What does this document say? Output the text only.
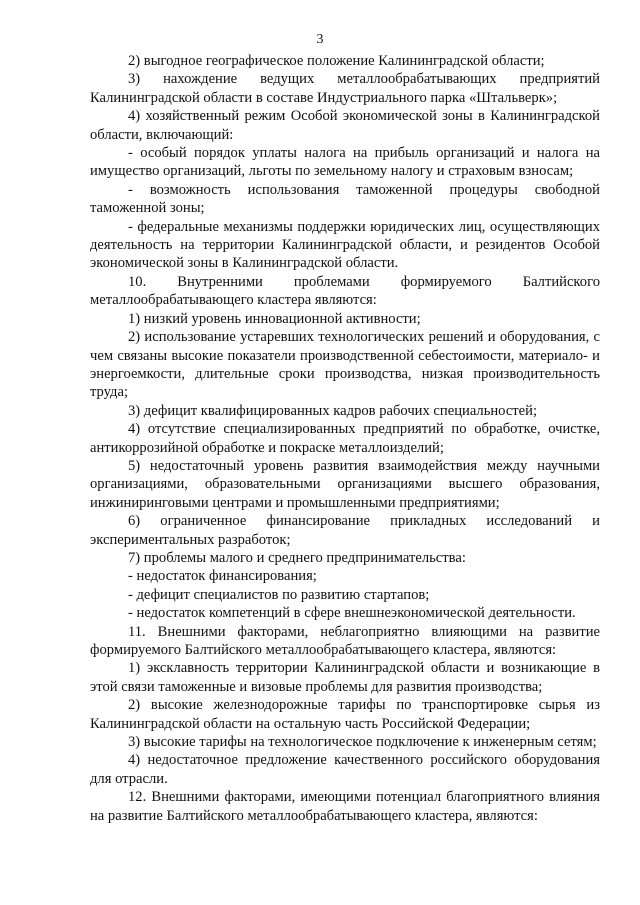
3

2) выгодное географическое положение Калининградской области;

3) нахождение ведущих металлообрабатывающих предприятий Калининградской области в составе Индустриального парка «Штальверк»;

4) хозяйственный режим Особой экономической зоны в Калининградской области, включающий:

- особый порядок уплаты налога на прибыль организаций и налога на имущество организаций, льготы по земельному налогу и страховым взносам;

- возможность использования таможенной процедуры свободной таможенной зоны;

- федеральные механизмы поддержки юридических лиц, осуществляющих деятельность на территории Калининградской области, и резидентов Особой экономической зоны в Калининградской области.

10. Внутренними проблемами формируемого Балтийского металлообрабатывающего кластера являются:

1) низкий уровень инновационной активности;

2) использование устаревших технологических решений и оборудования, с чем связаны высокие показатели производственной себестоимости, материало- и энергоемкости, длительные сроки производства, низкая производительность труда;

3) дефицит квалифицированных кадров рабочих специальностей;

4) отсутствие специализированных предприятий по обработке, очистке, антикоррозийной обработке и покраске металлоизделий;

5) недостаточный уровень развития взаимодействия между научными организациями, образовательными организациями высшего образования, инжиниринговыми центрами и промышленными предприятиями;

6) ограниченное финансирование прикладных исследований и экспериментальных разработок;

7) проблемы малого и среднего предпринимательства:

- недостаток финансирования;

- дефицит специалистов по развитию стартапов;

- недостаток компетенций в сфере внешнеэкономической деятельности.

11. Внешними факторами, неблагоприятно влияющими на развитие формируемого Балтийского металлообрабатывающего кластера, являются:

1) эксклавность территории Калининградской области и возникающие в этой связи таможенные и визовые проблемы для развития производства;

2) высокие железнодорожные тарифы по транспортировке сырья из Калининградской области на остальную часть Российской Федерации;

3) высокие тарифы на технологическое подключение к инженерным сетям;

4) недостаточное предложение качественного российского оборудования для отрасли.

12. Внешними факторами, имеющими потенциал благоприятного влияния на развитие Балтийского металлообрабатывающего кластера, являются:
